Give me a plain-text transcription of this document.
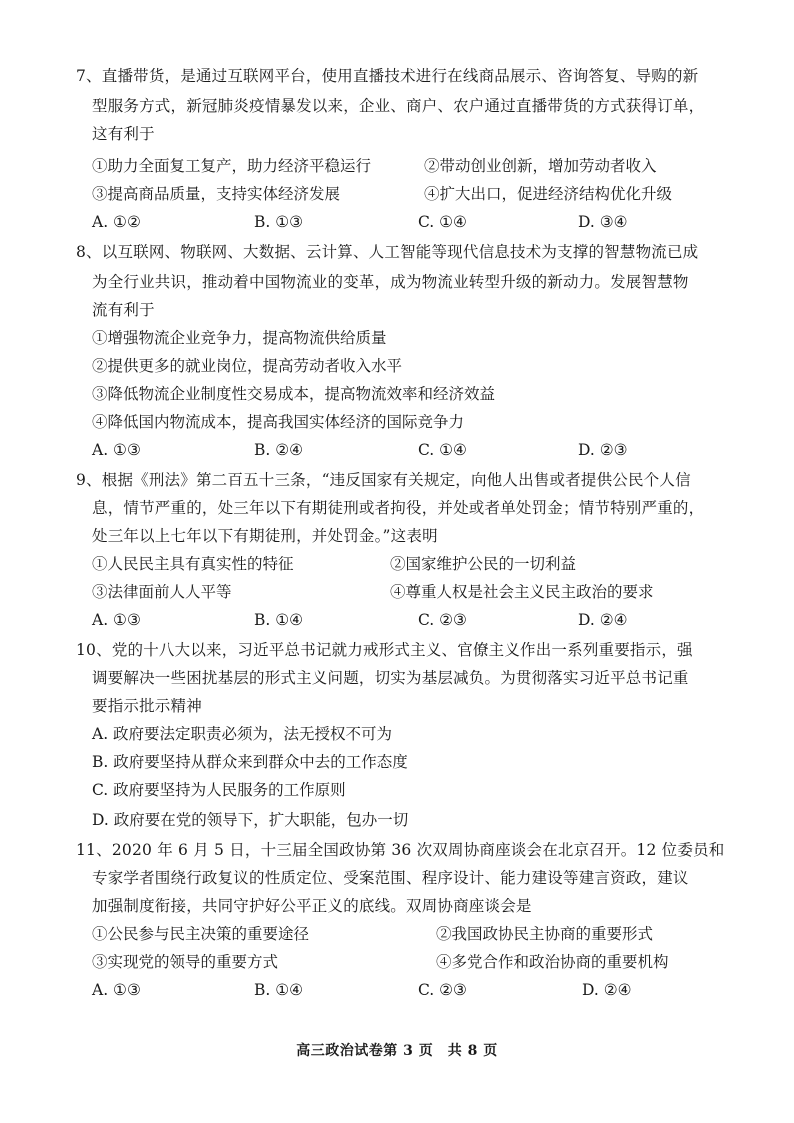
7、直播带货，是通过互联网平台，使用直播技术进行在线商品展示、咨询答复、导购的新
型服务方式，新冠肺炎疫情暴发以来，企业、商户、农户通过直播带货的方式获得订单，
这有利于
①助力全面复工复产，助力经济平稳运行	②带动创业创新，增加劳动者收入
③提高商品质量，支持实体经济发展	④扩大出口，促进经济结构优化升级
A. ①②	B. ①③	C. ①④	D. ③④
8、以互联网、物联网、大数据、云计算、人工智能等现代信息技术为支撑的智慧物流已成
为全行业共识，推动着中国物流业的变革，成为物流业转型升级的新动力。发展智慧物
流有利于
①增强物流企业竞争力，提高物流供给质量
②提供更多的就业岗位，提高劳动者收入水平
③降低物流企业制度性交易成本，提高物流效率和经济效益
④降低国内物流成本，提高我国实体经济的国际竞争力
A. ①③	B. ②④	C. ①④	D. ②③
9、根据《刑法》第二百五十三条，“违反国家有关规定，向他人出售或者提供公民个人信
息，情节严重的，处三年以下有期徒刑或者拘役，并处或者单处罚金；情节特别严重的，
处三年以上七年以下有期徒刑，并处罚金。”这表明
①人民民主具有真实性的特征	②国家维护公民的一切利益
③法律面前人人平等	④尊重人权是社会主义民主政治的要求
A. ①③	B. ①④	C. ②③	D. ②④
10、党的十八大以来，习近平总书记就力戒形式主义、官僚主义作出一系列重要指示，强
调要解决一些困扰基层的形式主义问题，切实为基层减负。为贯彻落实习近平总书记重
要指示批示精神
A. 政府要法定职责必须为，法无授权不可为
B. 政府要坚持从群众来到群众中去的工作态度
C. 政府要坚持为人民服务的工作原则
D. 政府要在党的领导下，扩大职能，包办一切
11、2020 年 6 月 5 日，十三届全国政协第 36 次双周协商座谈会在北京召开。12 位委员和
专家学者围绕行政复议的性质定位、受案范围、程序设计、能力建设等建言资政，建议
加强制度衔接，共同守护好公平正义的底线。双周协商座谈会是
①公民参与民主决策的重要途径	②我国政协民主协商的重要形式
③实现党的领导的重要方式	④多党合作和政治协商的重要机构
A. ①③	B. ①④	C. ②③	D. ②④
高三政治试卷第 3 页　共 8 页
